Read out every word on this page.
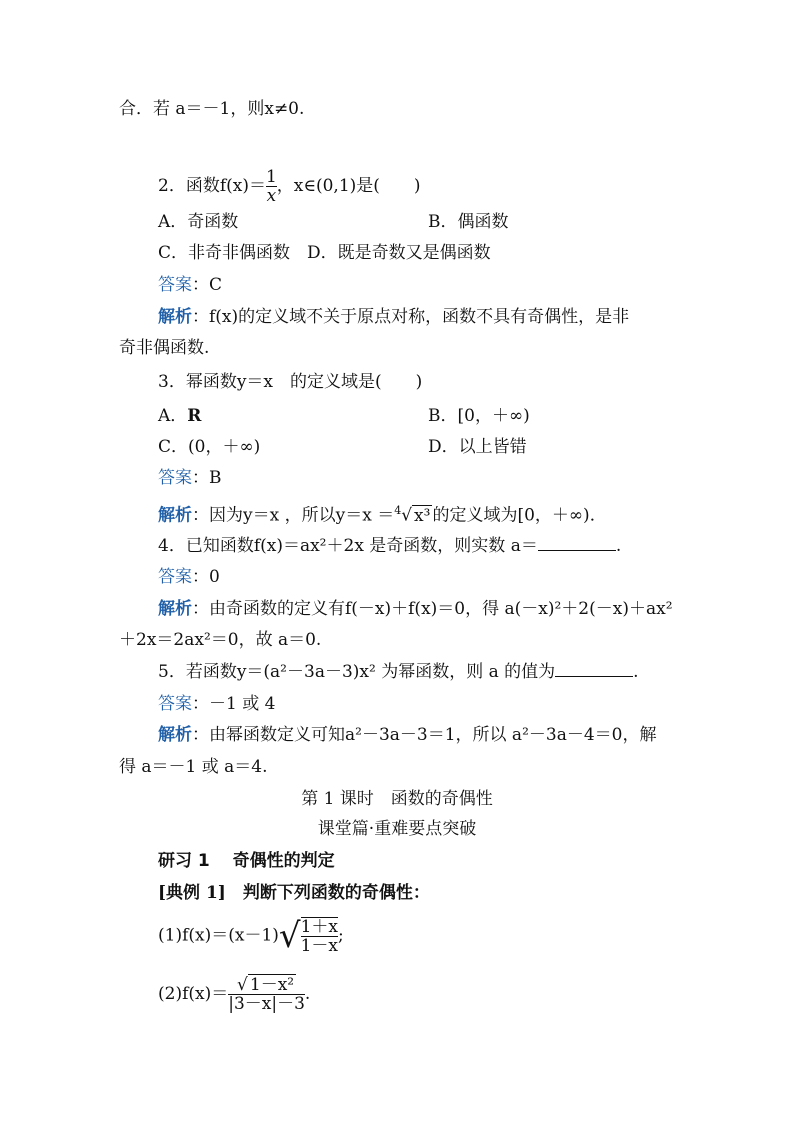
合．若 a＝－1，则x≠0.
2．函数$f(x)= \frac{1}{x}$ ，x∈(0,1)是(　　)
A．奇函数	B．偶函数
C．非奇非偶函数　D．既是奇数又是偶函数
答案：C
解析：f(x)的定义域不关于原点对称，函数不具有奇偶性，是非
奇非偶函数.
3．幂函数y＝x　的定义域是(　　)
A．R	B．[0，＋∞)
C．(0，＋∞)	D．以上皆错
答案：B
解析：因为y＝x ，所以y＝x ＝$^4$√ x³ 的定义域为[0，＋∞)．
4．已知函数f(x)＝ax²＋2x 是奇函数，则实数 a＝	.
答案：0
解析：由奇函数的定义有f(－x)＋f(x)＝0，得 a(－x)²＋2(－x)＋ax²
＋2x＝2ax²＝0，故 a＝0.
5．若函数y＝(a²－3a－3)x² 为幂函数，则 a 的值为	.
答案：－1 或 4
解析：由幂函数定义可知a²－3a－3＝1，所以 a²－3a－4＝0，解
得 a＝－1 或 a＝4.
第 1 课时　函数的奇偶性
课堂篇·重难要点突破
研习 1　 奇偶性的判定
[典例 1]　判断下列函数的奇偶性：
$(1)f(x)=(x-1)√ \frac{1+x}{1-x}$ ;
$(2)f(x)= \frac{\text{√ 1－x²}}{|3-x|-3}$ .
